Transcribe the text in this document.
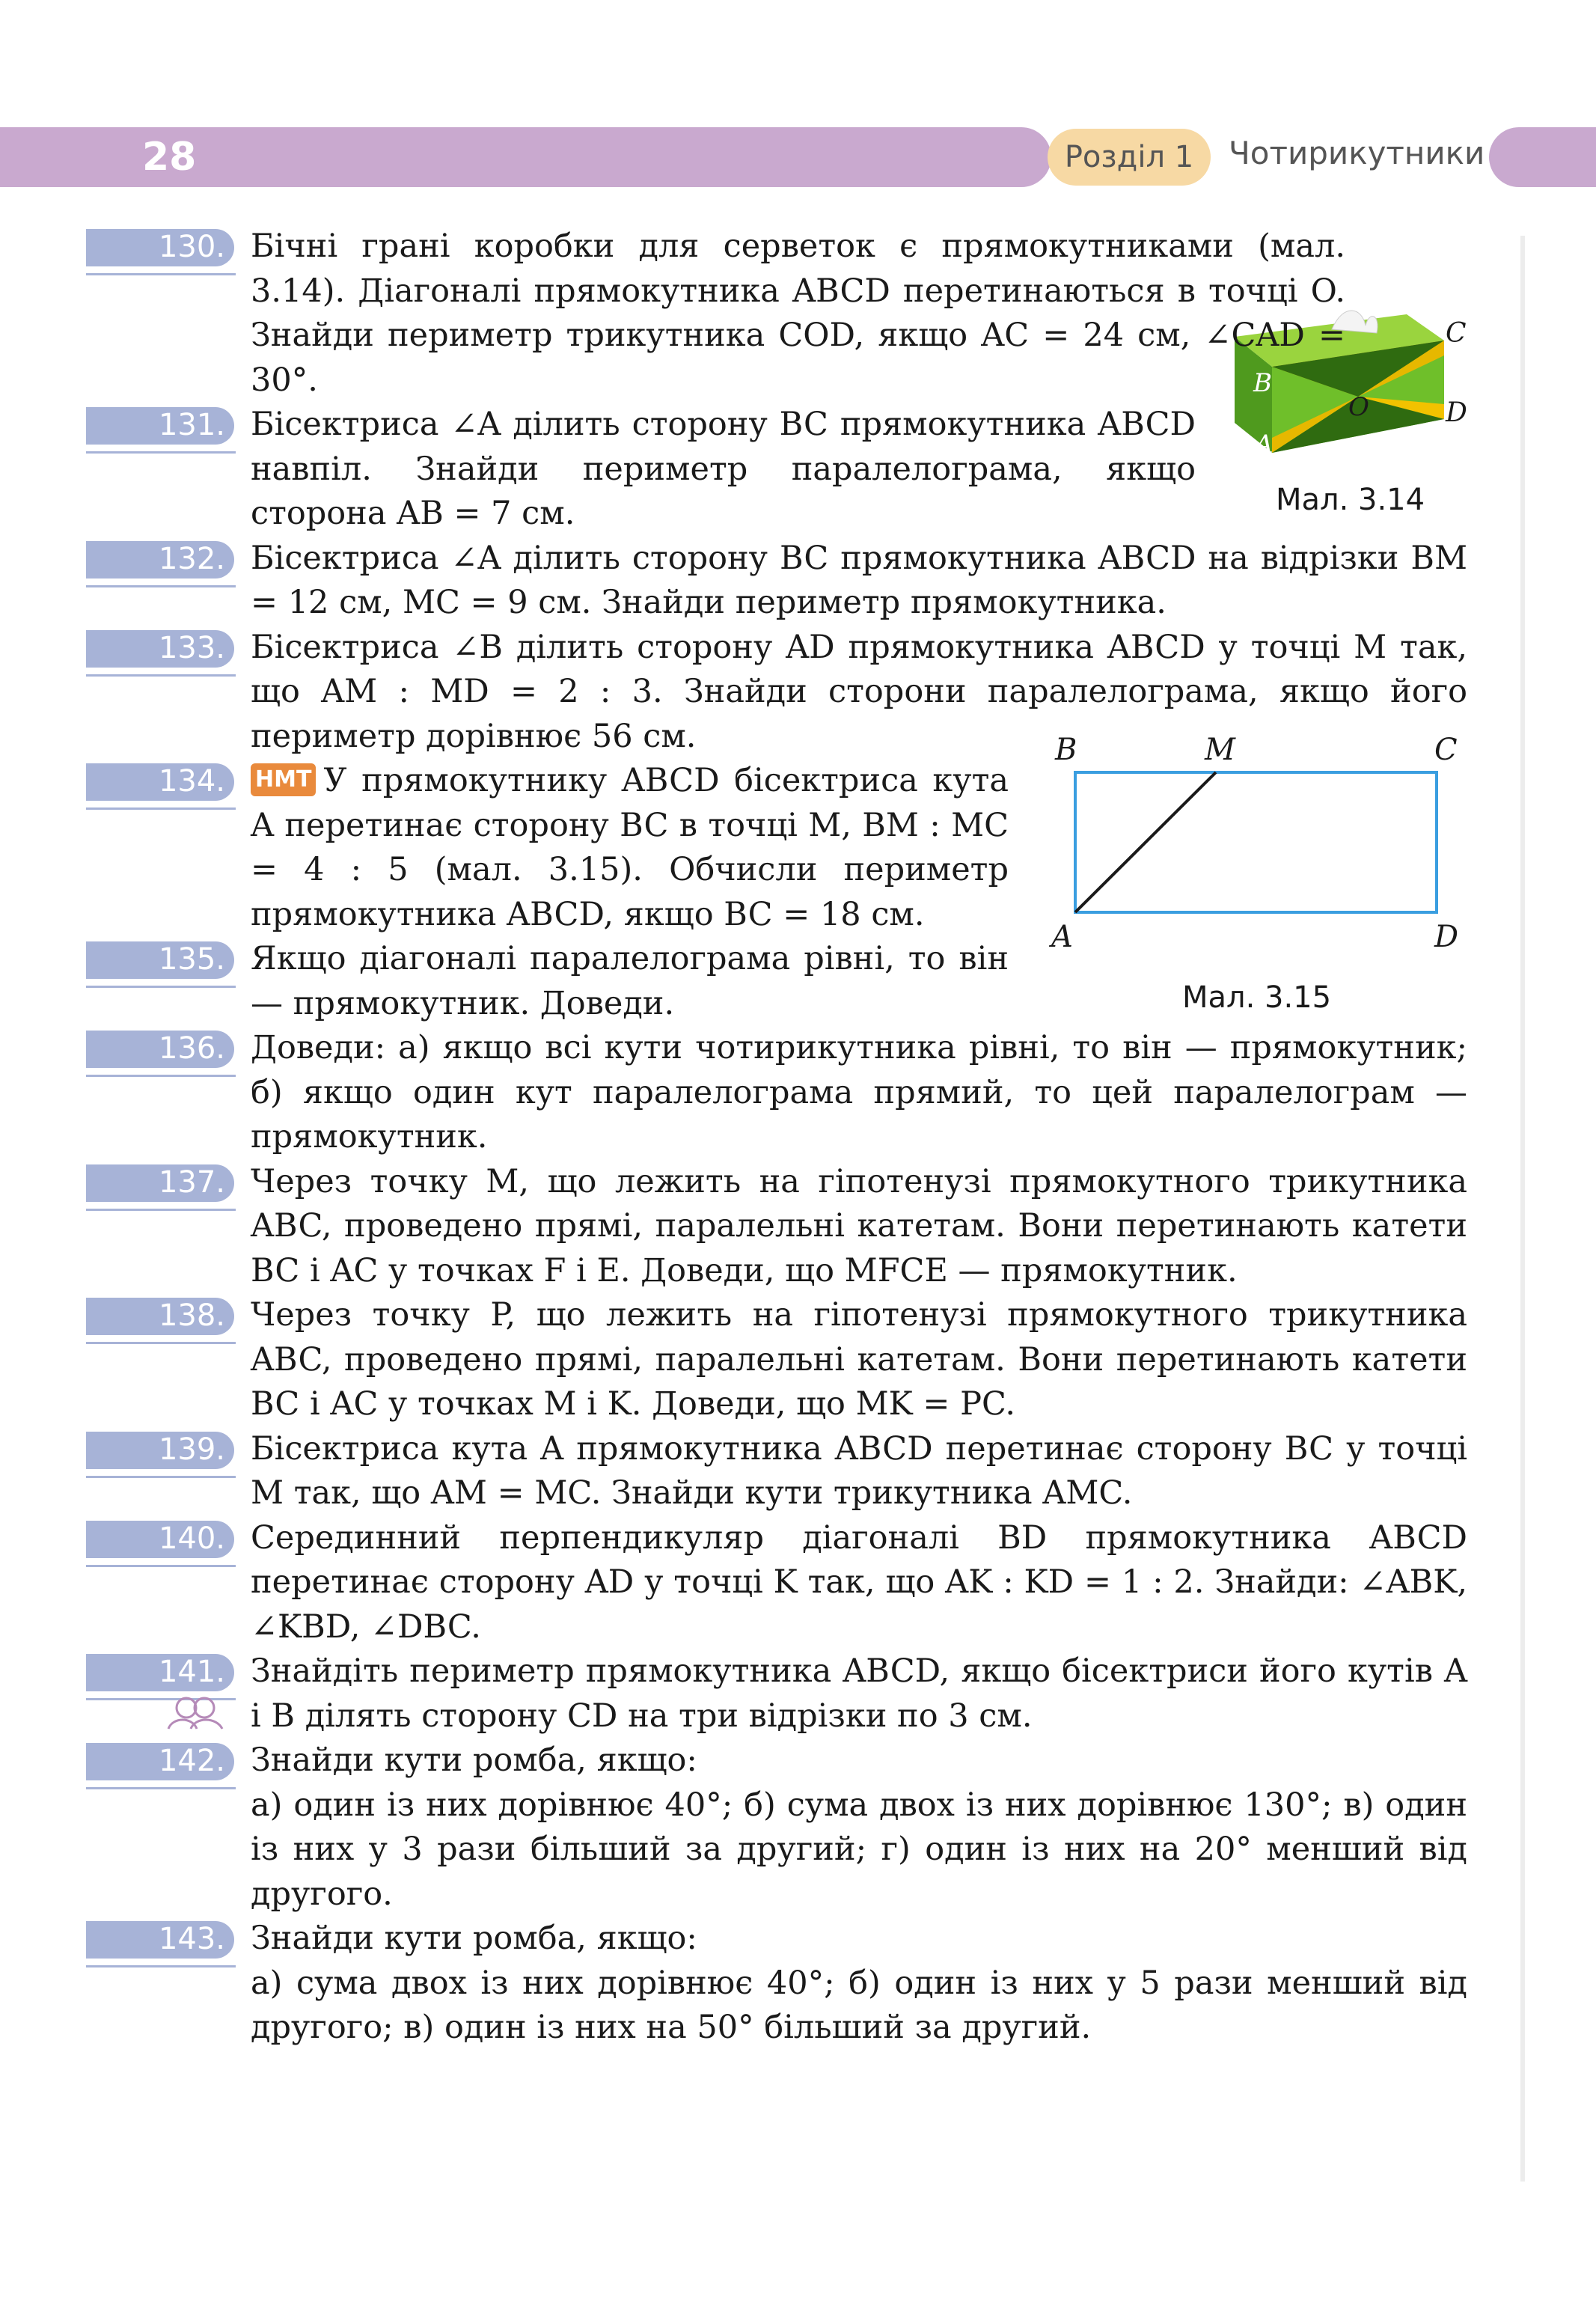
28	Розділ 1	Чотирикутники
B
C
O	D
A
Мал. 3.14
B	M	C
A	D
Мал. 3.15
130. Бічні грані коробки для серветок є прямокутниками (мал. 3.14). Діагоналі прямокутника ABCD перетинаються в точці O. Знайди периметр трикутника COD, якщо AC = 24 см, ∠CAD = 30°.

131. Бісектриса ∠A ділить сторону BC прямокутника ABCD навпіл. Знайди периметр паралелограма, якщо сторона AB = 7 см.

132. Бісектриса ∠A ділить сторону BC прямокутника ABCD на відрізки BM = 12 см, MC = 9 см. Знайди периметр прямокутника.

133. Бісектриса ∠B ділить сторону AD прямокутника ABCD у точці M так, що AM : MD = 2 : 3. Знайди сторони паралелограма, якщо його периметр дорівнює 56 см.

134.	НМТ У прямокутнику ABCD бісектриса кута A перетинає сторону BC в точці M, BM : MC = 4 : 5 (мал. 3.15). Обчисли периметр прямокутника ABCD, якщо BC = 18 см.

135. Якщо діагоналі паралелограма рівні, то він — прямокутник. Доведи.

136. Доведи: а) якщо всі кути чотирикутника рівні, то він — прямокутник; б) якщо один кут паралелограма прямий, то цей паралелограм — прямокутник.

137. Через точку M, що лежить на гіпотенузі прямокутного трикутника ABC, проведено прямі, паралельні катетам. Вони перетинають катети BC і AC у точках F і E. Доведи, що MFCE — прямокутник.

138. Через точку P, що лежить на гіпотенузі прямокутного трикутника ABC, проведено прямі, паралельні катетам. Вони перетинають катети BC і AC у точках M і K. Доведи, що MK = PC.

139. Бісектриса кута A прямокутника ABCD перетинає сторону BC у точці M так, що AM = MC. Знайди кути трикутника AMC.

140. Серединний перпендикуляр діагоналі BD прямокутника ABCD перетинає сторону AD у точці K так, що AK : KD = 1 : 2. Знайди: ∠ABK, ∠KBD, ∠DBC.

141. Знайдіть периметр прямокутника ABCD, якщо бісектриси його кутів A і B ділять сторону CD на три відрізки по 3 см.

142. Знайди кути ромба, якщо:

а) один із них дорівнює 40°; б) сума двох із них дорівнює 130°; в) один із них у 3 рази більший за другий; г) один із них на 20° менший від другого.

143. Знайди кути ромба, якщо:

а) сума двох із них дорівнює 40°; б) один із них у 5 рази менший від другого; в) один із них на 50° більший за другий.
